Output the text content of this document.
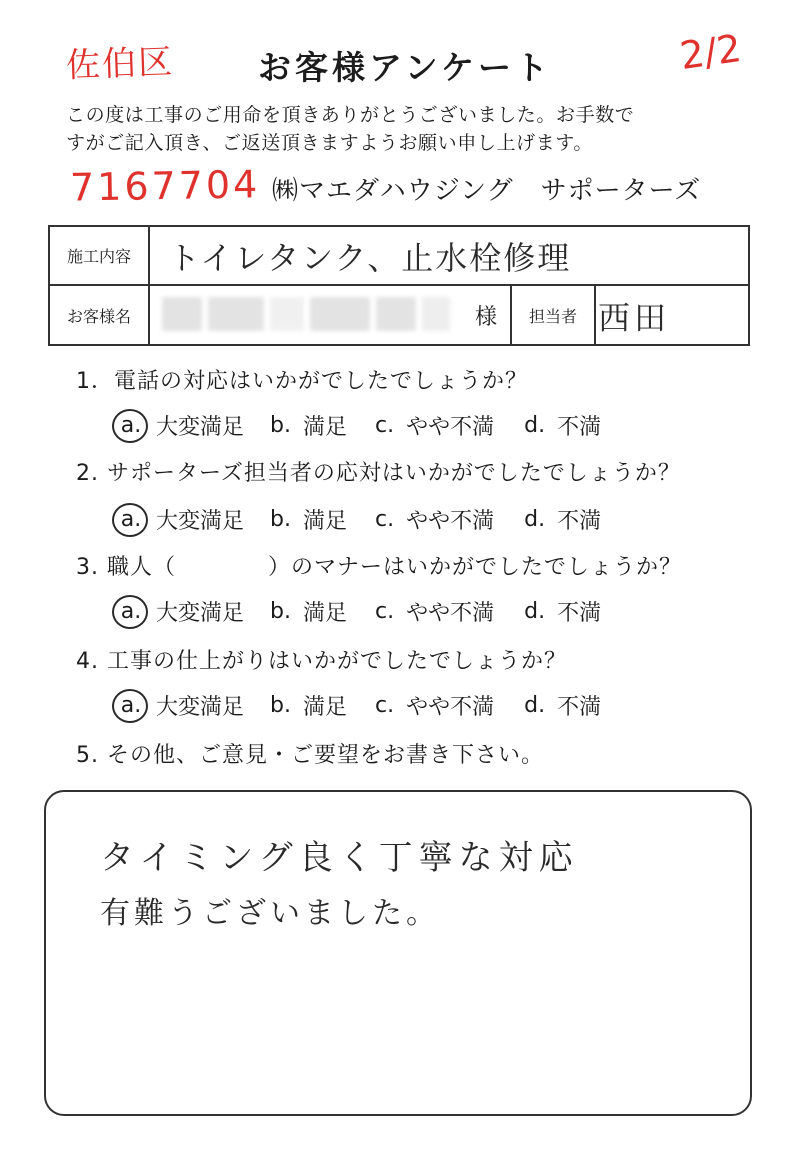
佐伯区	お客様アンケート	2/2
この度は工事のご用命を頂きありがとうございました。お手数で
すがご記入頂き、ご返送頂きますようお願い申し上げます。
7167704 ㈱マエダハウジング　サポーターズ
施工内容	トイレタンク、止水栓修理
お客様名	様	担当者 西田
1．電話の対応はいかがでしたでしょうか？
a. 大変満足 b. 満足 c. やや不満 d. 不満
2. サポーターズ担当者の応対はいかがでしたでしょうか？
a. 大変満足 b. 満足 c. やや不満 d. 不満
3. 職人（　　　　）のマナーはいかがでしたでしょうか？
a. 大変満足 b. 満足 c. やや不満 d. 不満
4. 工事の仕上がりはいかがでしたでしょうか？
a. 大変満足 b. 満足 c. やや不満 d. 不満
5. その他、ご意見・ご要望をお書き下さい。
タイミング良く丁寧な対応
有難うございました。
